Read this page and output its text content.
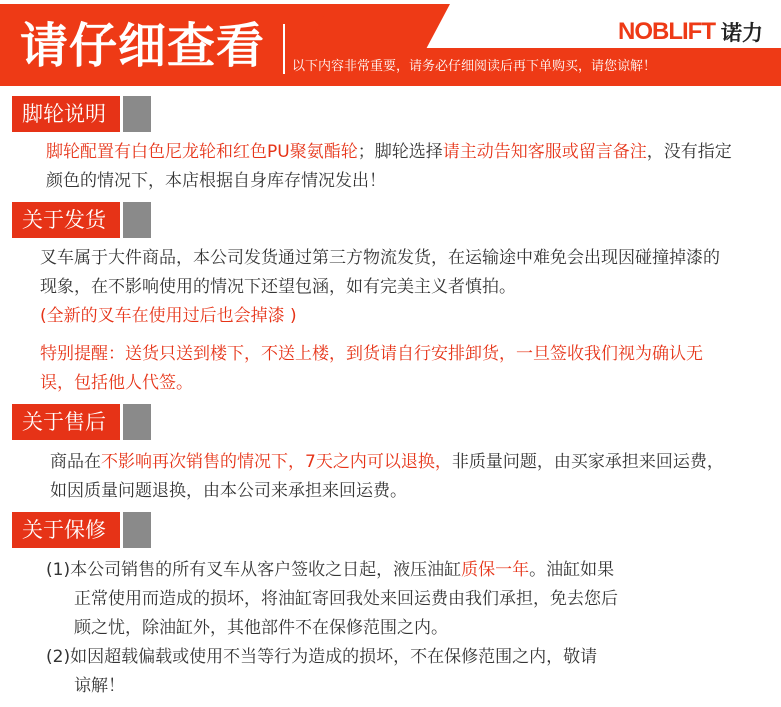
请仔细查看 以下内容非常重要，请务必仔细阅读后再下单购买，请您谅解！
NOBLIFT 诺力
脚轮说明
脚轮配置有白色尼龙轮和红色PU聚氨酯轮；脚轮选择请主动告知客服或留言备注，没有指定颜色的情况下，本店根据自身库存情况发出！
关于发货
叉车属于大件商品，本公司发货通过第三方物流发货，在运输途中难免会出现因碰撞掉漆的现象，在不影响使用的情况下还望包涵，如有完美主义者慎拍。
(全新的叉车在使用过后也会掉漆 )
特别提醒：送货只送到楼下，不送上楼，到货请自行安排卸货，一旦签收我们视为确认无误，包括他人代签。
关于售后
商品在不影响再次销售的情况下，7天之内可以退换，非质量问题，由买家承担来回运费，如因质量问题退换，由本公司来承担来回运费。
关于保修
(1)本公司销售的所有叉车从客户签收之日起，液压油缸质保一年。油缸如果
正常使用而造成的损坏，将油缸寄回我处来回运费由我们承担，免去您后
顾之忧，除油缸外，其他部件不在保修范围之内。
(2)如因超载偏载或使用不当等行为造成的损坏，不在保修范围之内，敬请
谅解！
